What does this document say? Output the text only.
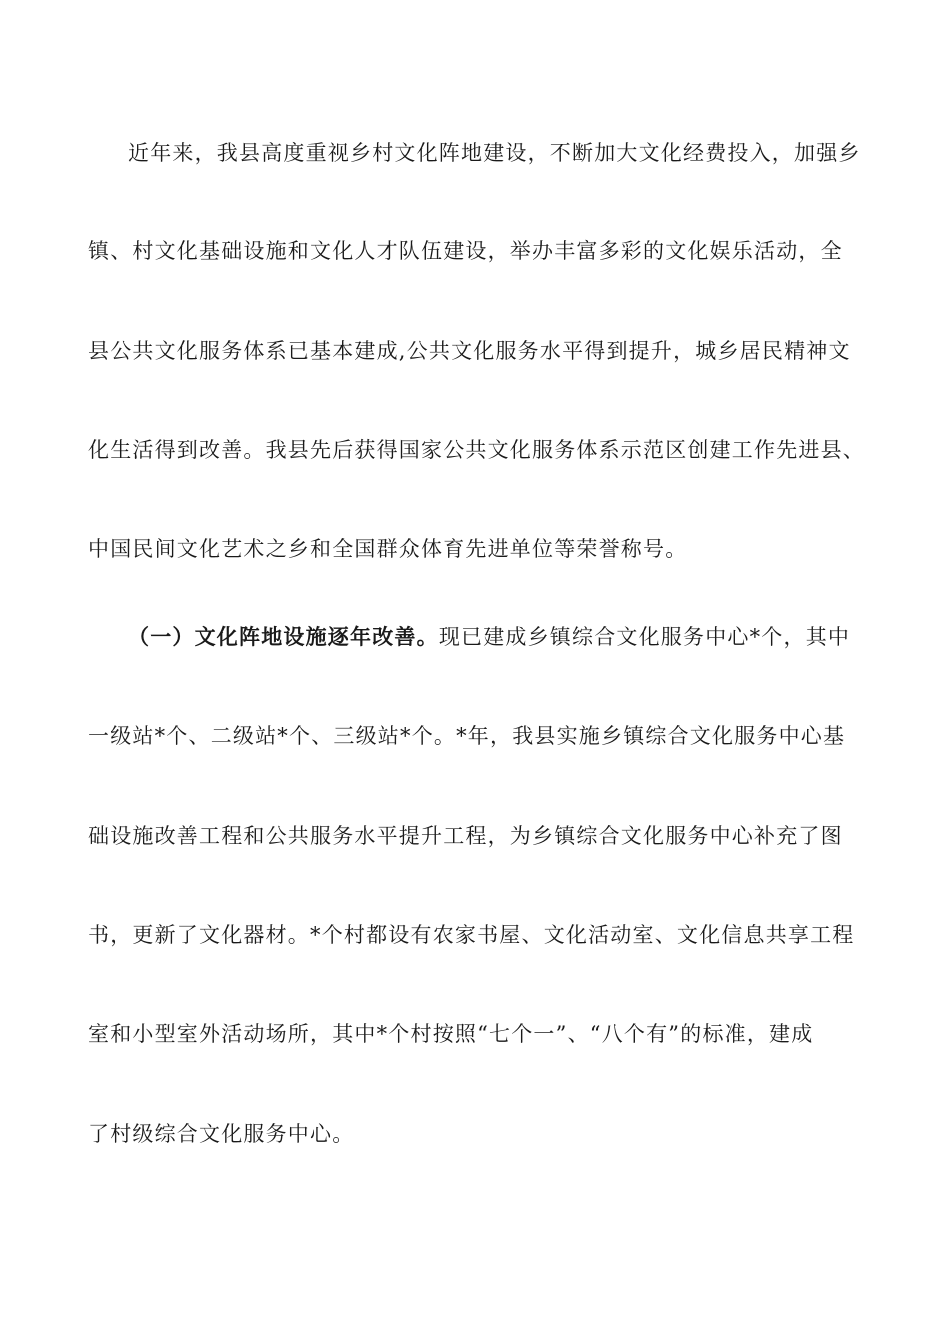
近年来，我县高度重视乡村文化阵地建设，不断加大文化经费投入，加强乡
镇、村文化基础设施和文化人才队伍建设，举办丰富多彩的文化娱乐活动，全
县公共文化服务体系已基本建成,公共文化服务水平得到提升，城乡居民精神文
化生活得到改善。我县先后获得国家公共文化服务体系示范区创建工作先进县、
中国民间文化艺术之乡和全国群众体育先进单位等荣誉称号。
（一）文化阵地设施逐年改善。现已建成乡镇综合文化服务中心*个，其中
一级站*个、二级站*个、三级站*个。*年，我县实施乡镇综合文化服务中心基
础设施改善工程和公共服务水平提升工程，为乡镇综合文化服务中心补充了图
书，更新了文化器材。*个村都设有农家书屋、文化活动室、文化信息共享工程
室和小型室外活动场所，其中*个村按照“七个一”、“八个有”的标准，建成
了村级综合文化服务中心。
